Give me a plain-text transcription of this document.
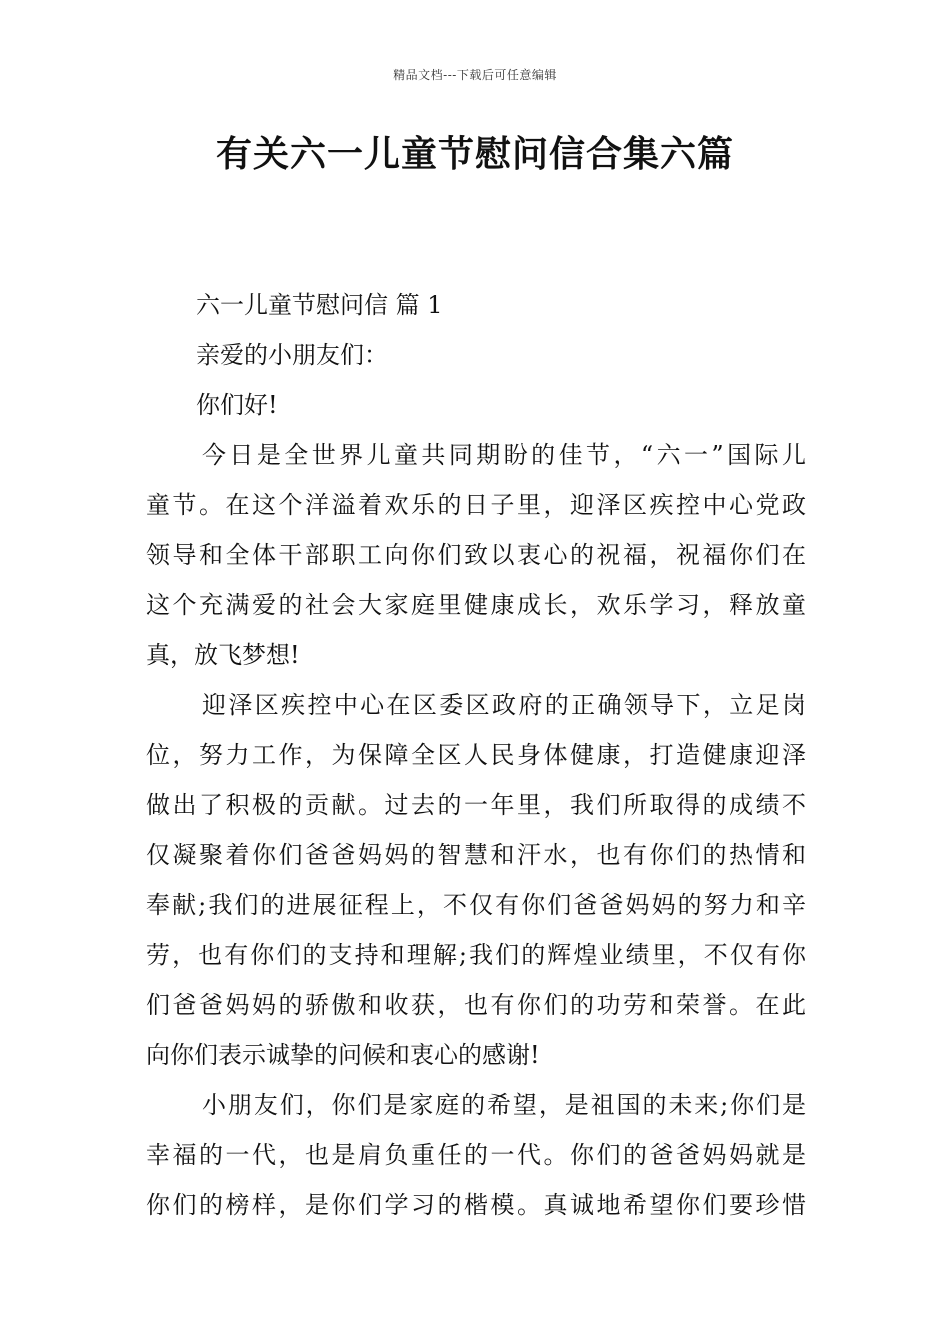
精品文档---下载后可任意编辑
有关六一儿童节慰问信合集六篇
六一儿童节慰问信 篇 1
亲爱的小朋友们：
你们好!
今日是全世界儿童共同期盼的佳节，“六一”国际儿
童节。在这个洋溢着欢乐的日子里，迎泽区疾控中心党政
领导和全体干部职工向你们致以衷心的祝福，祝福你们在
这个充满爱的社会大家庭里健康成长，欢乐学习，释放童
真，放飞梦想!
迎泽区疾控中心在区委区政府的正确领导下，立足岗
位，努力工作，为保障全区人民身体健康，打造健康迎泽
做出了积极的贡献。过去的一年里，我们所取得的成绩不
仅凝聚着你们爸爸妈妈的智慧和汗水，也有你们的热情和
奉献;我们的进展征程上，不仅有你们爸爸妈妈的努力和辛
劳，也有你们的支持和理解;我们的辉煌业绩里，不仅有你
们爸爸妈妈的骄傲和收获，也有你们的功劳和荣誉。在此
向你们表示诚挚的问候和衷心的感谢!
小朋友们，你们是家庭的希望，是祖国的未来;你们是
幸福的一代，也是肩负重任的一代。你们的爸爸妈妈就是
你们的榜样，是你们学习的楷模。真诚地希望你们要珍惜
